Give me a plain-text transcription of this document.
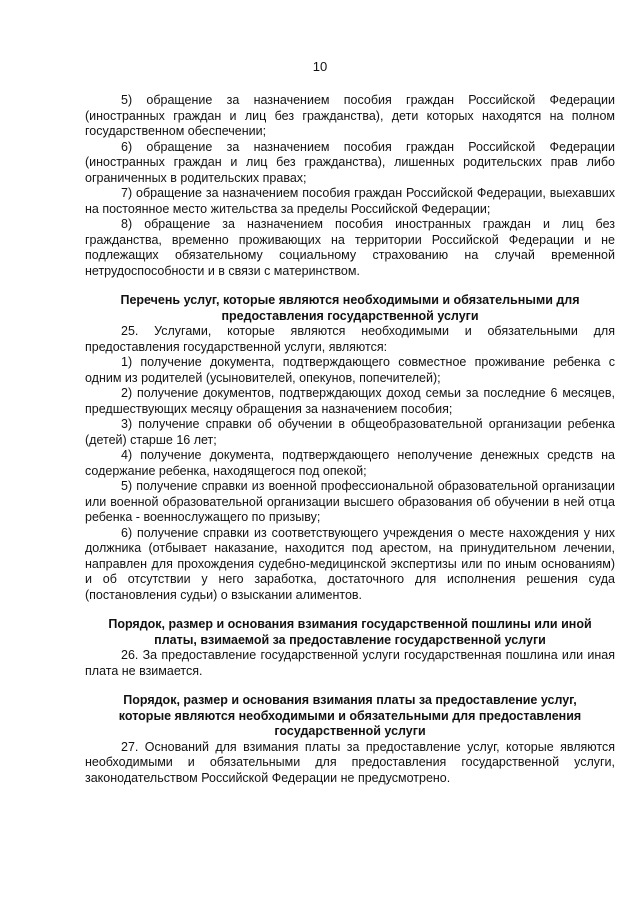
10

5) обращение за назначением пособия граждан Российской Федерации (иностранных граждан и лиц без гражданства), дети которых находятся на полном государственном обеспечении;

6) обращение за назначением пособия граждан Российской Федерации (иностранных граждан и лиц без гражданства), лишенных родительских прав либо ограниченных в родительских правах;

7) обращение за назначением пособия граждан Российской Федерации, выехавших на постоянное место жительства за пределы Российской Федерации;

8) обращение за назначением пособия иностранных граждан и лиц без гражданства, временно проживающих на территории Российской Федерации и не подлежащих обязательному социальному страхованию на случай временной нетрудоспособности и в связи с материнством.

Перечень услуг, которые являются необходимыми и обязательными для предоставления государственной услуги

25. Услугами, которые являются необходимыми и обязательными для предоставления государственной услуги, являются:

1) получение документа, подтверждающего совместное проживание ребенка с одним из родителей (усыновителей, опекунов, попечителей);

2) получение документов, подтверждающих доход семьи за последние 6 месяцев, предшествующих месяцу обращения за назначением пособия;

3) получение справки об обучении в общеобразовательной организации ребенка (детей) старше 16 лет;

4) получение документа, подтверждающего неполучение денежных средств на содержание ребенка, находящегося под опекой;

5) получение справки из военной профессиональной образовательной организации или военной образовательной организации высшего образования об обучении в ней отца ребенка - военнослужащего по призыву;

6) получение справки из соответствующего учреждения о месте нахождения у них должника (отбывает наказание, находится под арестом, на принудительном лечении, направлен для прохождения судебно-медицинской экспертизы или по иным основаниям) и об отсутствии у него заработка, достаточного для исполнения решения суда (постановления судьи) о взыскании алиментов.

Порядок, размер и основания взимания государственной пошлины или иной платы, взимаемой за предоставление государственной услуги

26. За предоставление государственной услуги государственная пошлина или иная плата не взимается.

Порядок, размер и основания взимания платы за предоставление услуг, которые являются необходимыми и обязательными для предоставления государственной услуги

27. Оснований для взимания платы за предоставление услуг, которые являются необходимыми и обязательными для предоставления государственной услуги, законодательством Российской Федерации не предусмотрено.
